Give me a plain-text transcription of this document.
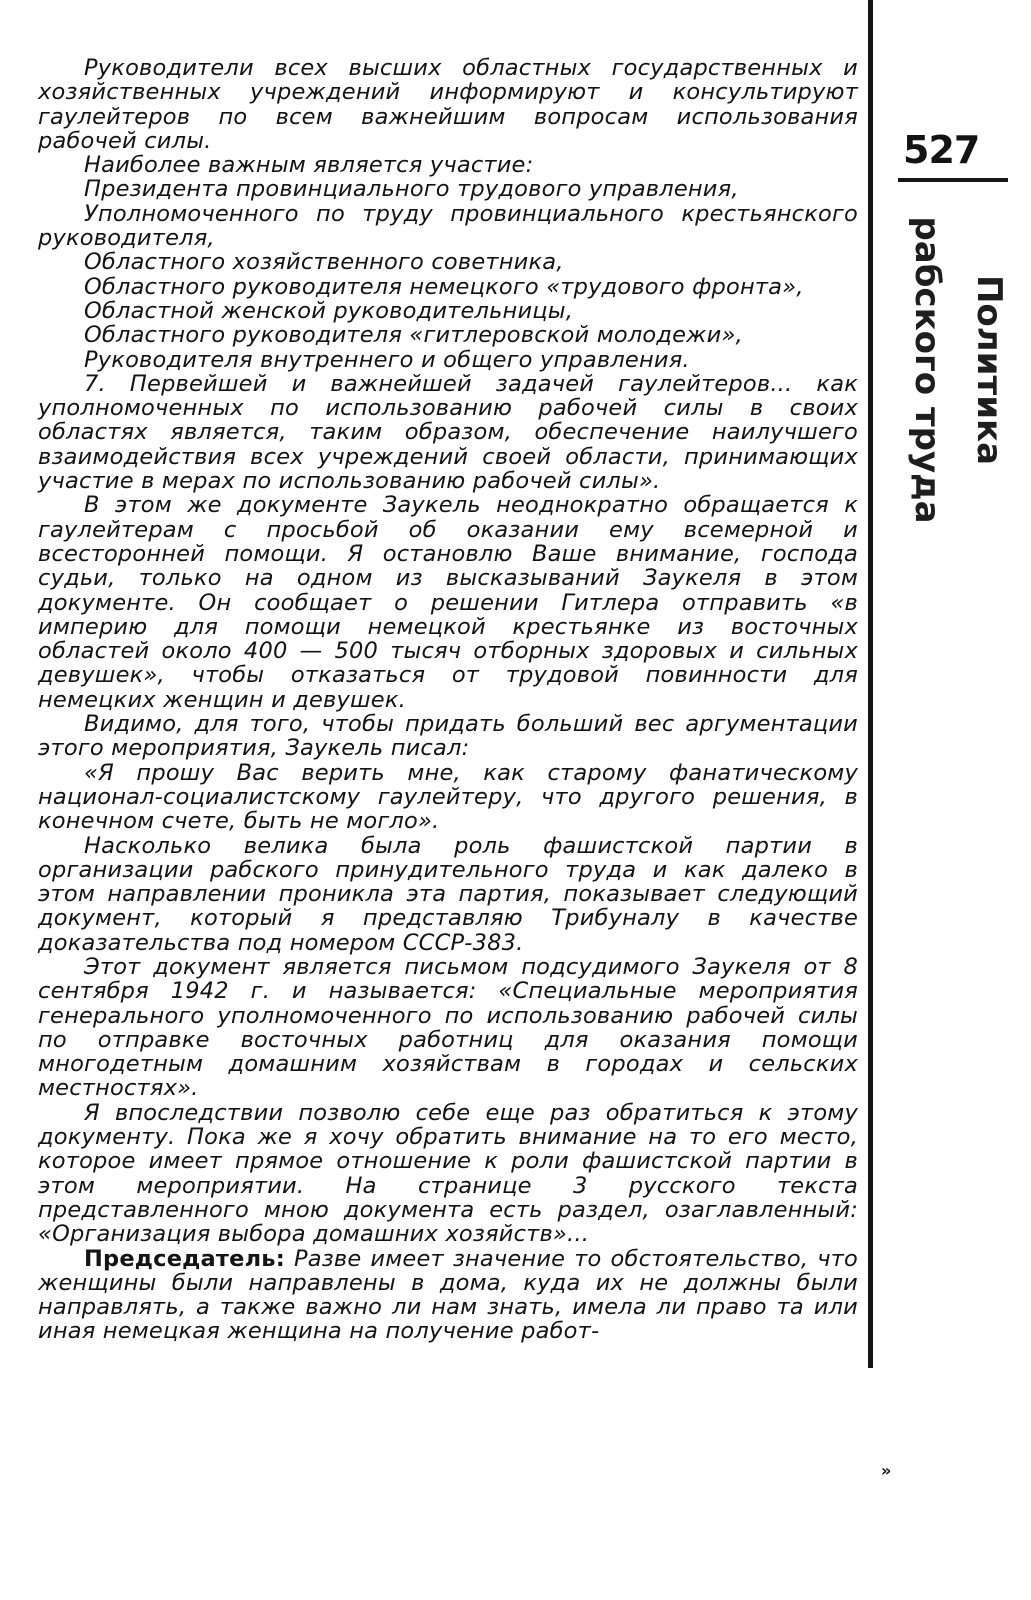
Руководители всех высших областных государственных и хозяйственных учреждений информируют и консультируют гаулейтеров по всем важнейшим вопросам использования рабочей силы.

Наиболее важным является участие:

Президента провинциального трудового управления,

Уполномоченного по труду провинциального крестьянского руководителя,

Областного хозяйственного советника,

Областного руководителя немецкого «трудового фронта»,

Областной женской руководительницы,

Областного руководителя «гитлеровской молодежи»,

Руководителя внутреннего и общего управления.

7. Первейшей и важнейшей задачей гаулейтеров... как уполномоченных по использованию рабочей силы в своих областях является, таким образом, обеспечение наилучшего взаимодействия всех учреждений своей области, принимающих участие в мерах по использованию рабочей силы».

В этом же документе Заукель неоднократно обращается к гаулейтерам с просьбой об оказании ему всемерной и всесторонней помощи. Я остановлю Ваше внимание, господа судьи, только на одном из высказываний Заукеля в этом документе. Он сообщает о решении Гитлера отправить «в империю для помощи немецкой крестьянке из восточных областей около 400 — 500 тысяч отборных здоровых и сильных девушек», чтобы отказаться от трудовой повинности для немецких женщин и девушек.

Видимо, для того, чтобы придать больший вес аргументации этого мероприятия, Заукель писал:

«Я прошу Вас верить мне, как старому фанатическому национал-социалистскому гаулейтеру, что другого решения, в конечном счете, быть не могло».

Насколько велика была роль фашистской партии в организации рабского принудительного труда и как далеко в этом направлении проникла эта партия, показывает следующий документ, который я представляю Трибуналу в качестве доказательства под номером СССР-383.

Этот документ является письмом подсудимого Заукеля от 8 сентября 1942 г. и называется: «Специальные мероприятия генерального уполномоченного по использованию рабочей силы по отправке восточных работниц для оказания помощи многодетным домашним хозяйствам в городах и сельских местностях».

Я впоследствии позволю себе еще раз обратиться к этому документу. Пока же я хочу обратить внимание на то его место, которое имеет прямое отношение к роли фашистской партии в этом мероприятии. На странице 3 русского текста представленного мною документа есть раздел, озаглавленный: «Организация выбора домашних хозяйств»...

Председатель: Разве имеет значение то обстоятельство, что женщины были направлены в дома, куда их не должны были направлять, а также важно ли нам знать, имела ли право та или иная немецкая женщина на получение работ-

527
Политика
рабского труда
»
